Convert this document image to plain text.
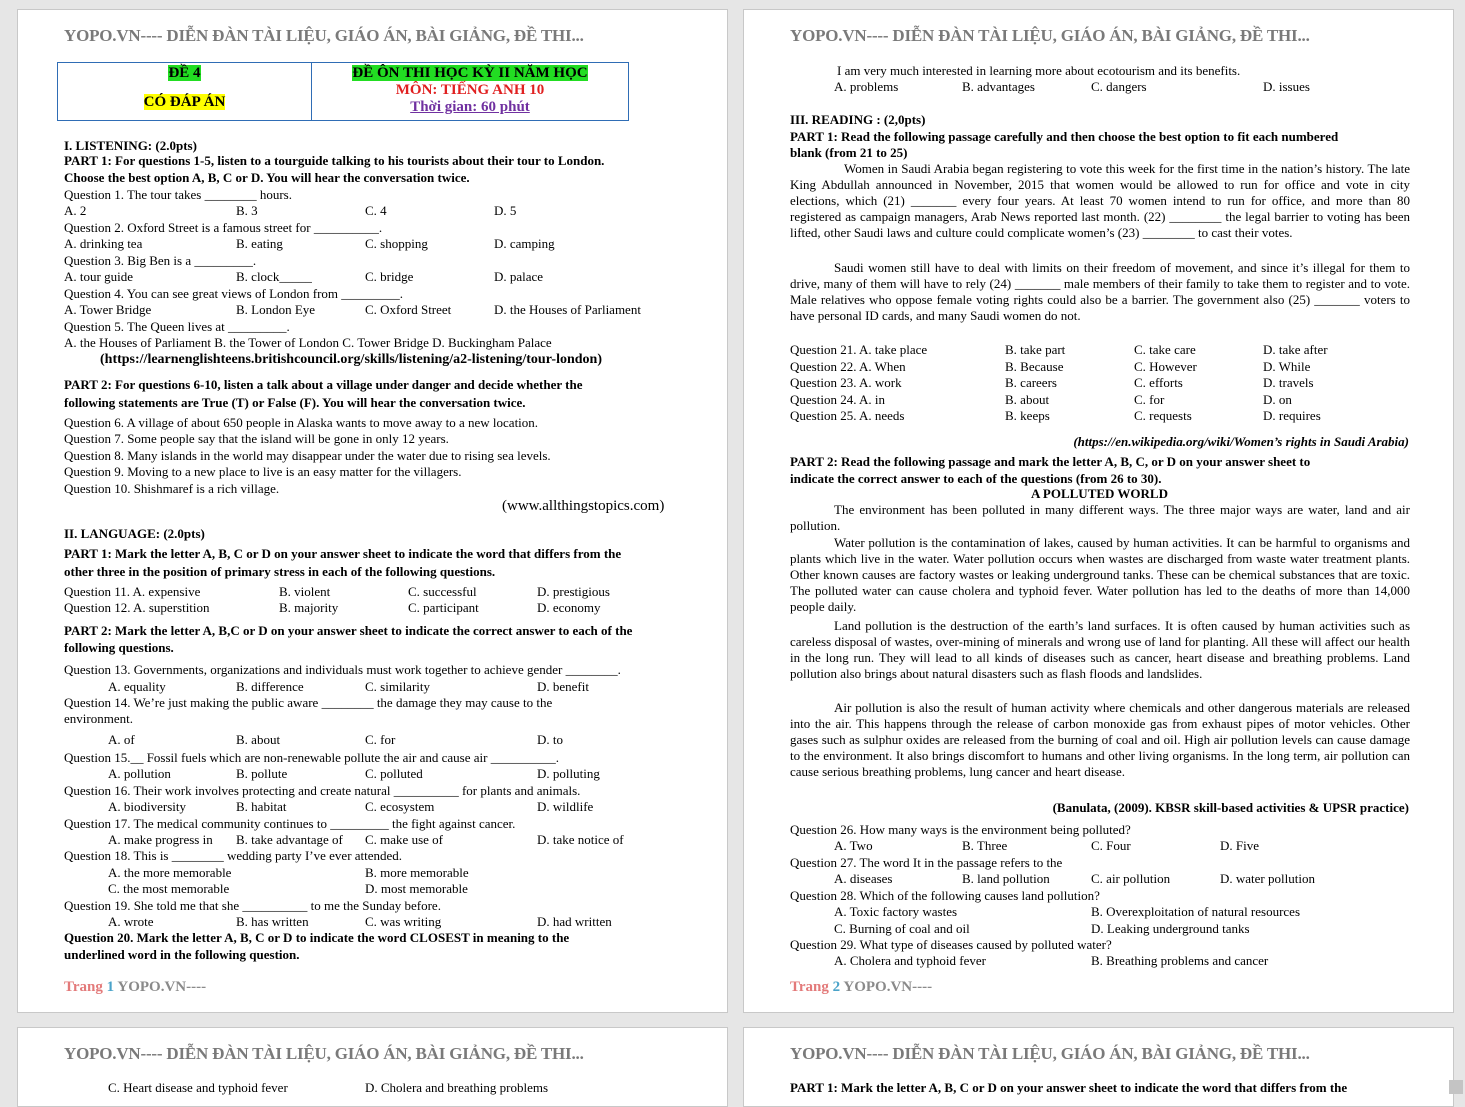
YOPO.VN---- DIỄN ĐÀN TÀI LIỆU, GIÁO ÁN, BÀI GIẢNG, ĐỀ THI...
ĐỀ 4
CÓ ĐÁP ÁN

ĐỀ ÔN THI HỌC KỲ II NĂM HỌC
MÔN: TIẾNG ANH 10
Thời gian: 60 phút
I. LISTENING: (2.0pts)
PART 1: For questions 1-5, listen to a tourguide talking to his tourists about their tour to London.
Choose the best option A, B, C or D. You will hear the conversation twice.
Question 1. The tour takes ________ hours.
A. 2	B. 3	C. 4	D. 5
Question 2. Oxford Street is a famous street for __________.
A. drinking tea	B. eating	C. shopping	D. camping
Question 3. Big Ben is a _________.
A. tour guide	B. clock_____	C. bridge	D. palace
Question 4. You can see great views of London from _________.
A. Tower Bridge	B. London Eye	C. Oxford Street	D. the Houses of Parliament
Question 5. The Queen lives at _________.
A. the Houses of Parliament B. the Tower of London C. Tower Bridge D. Buckingham Palace
(https://learnenglishteens.britishcouncil.org/skills/listening/a2-listening/tour-london)
PART 2: For questions 6-10, listen a talk about a village under danger and decide whether the
following statements are True (T) or False (F). You will hear the conversation twice.
Question 6. A village of about 650 people in Alaska wants to move away to a new location.
Question 7. Some people say that the island will be gone in only 12 years.
Question 8. Many islands in the world may disappear under the water due to rising sea levels.
Question 9. Moving to a new place to live is an easy matter for the villagers.
Question 10. Shishmaref is a rich village.
(www.allthingstopics.com)
II. LANGUAGE: (2.0pts)
PART 1: Mark the letter A, B, C or D on your answer sheet to indicate the word that differs from the
other three in the position of primary stress in each of the following questions.
Question 11. A. expensive	B. violent	C. successful	D. prestigious
Question 12. A. superstition	B. majority	C. participant	D. economy
PART 2: Mark the letter A, B,C or D on your answer sheet to indicate the correct answer to each of the
following questions.
Question 13. Governments, organizations and individuals must work together to achieve gender ________.
A. equality	B. difference	C. similarity	D. benefit
Question 14. We’re just making the public aware ________ the damage they may cause to the
environment.
A. of	B. about	C. for	D. to
Question 15.__ Fossil fuels which are non-renewable pollute the air and cause air __________.
A. pollution	B. pollute	C. polluted	D. polluting
Question 16. Their work involves protecting and create natural __________ for plants and animals.
A. biodiversity	B. habitat	C. ecosystem	D. wildlife
Question 17. The medical community continues to _________ the fight against cancer.
A. make progress in B. take advantage of C. make use of	D. take notice of
Question 18. This is ________ wedding party I’ve ever attended.
A. the more memorable	B. more memorable
C. the most memorable	D. most memorable
Question 19. She told me that she __________ to me the Sunday before.
A. wrote	B. has written	C. was writing	D. had written
Question 20. Mark the letter A, B, C or D to indicate the word CLOSEST in meaning to the
underlined word in the following question.
Trang 1 YOPO.VN----
YOPO.VN---- DIỄN ĐÀN TÀI LIỆU, GIÁO ÁN, BÀI GIẢNG, ĐỀ THI...
I am very much interested in learning more about ecotourism and its benefits.
A. problems	B. advantages	C. dangers	D. issues
III. READING : (2,0pts)
PART 1: Read the following passage carefully and then choose the best option to fit each numbered
blank (from 21 to 25)
Women in Saudi Arabia began registering to vote this week for the first time in the nation’s history. The late King Abdullah announced in November, 2015 that women would be allowed to run for office and vote in city elections, which (21) _______ every four years. At least 70 women intend to run for office, and more than 80 registered as campaign managers, Arab News reported last month. (22) ________ the legal barrier to voting has been lifted, other Saudi laws and culture could complicate women’s (23) ________ to cast their votes.
Saudi women still have to deal with limits on their freedom of movement, and since it’s illegal for them to drive, many of them will have to rely (24) _______ male members of their family to take them to register and to vote. Male relatives who oppose female voting rights could also be a barrier. The government also (25) _______ voters to have personal ID cards, and many Saudi women do not.
Question 21. A. take place	B. take part	C. take care	D. take after
Question 22. A. When	B. Because	C. However	D. While
Question 23. A. work	B. careers	C. efforts	D. travels
Question 24. A. in	B. about	C. for	D. on
Question 25. A. needs	B. keeps	C. requests	D. requires
(https://en.wikipedia.org/wiki/Women’s rights in Saudi Arabia)
PART 2: Read the following passage and mark the letter A, B, C, or D on your answer sheet to
indicate the correct answer to each of the questions (from 26 to 30).
A POLLUTED WORLD
The environment has been polluted in many different ways. The three major ways are water, land and air pollution.
Water pollution is the contamination of lakes, caused by human activities. It can be harmful to organisms and plants which live in the water. Water pollution occurs when wastes are discharged from waste water treatment plants. Other known causes are factory wastes or leaking underground tanks. These can be chemical substances that are toxic. The polluted water can cause cholera and typhoid fever. Water pollution has led to the deaths of more than 14,000 people daily.
Land pollution is the destruction of the earth’s land surfaces. It is often caused by human activities such as careless disposal of wastes, over-mining of minerals and wrong use of land for planting. All these will affect our health in the long run. They will lead to all kinds of diseases such as cancer, heart disease and breathing problems. Land pollution also brings about natural disasters such as flash floods and landslides.
Air pollution is also the result of human activity where chemicals and other dangerous materials are released into the air. This happens through the release of carbon monoxide gas from exhaust pipes of motor vehicles. Other gases such as sulphur oxides are released from the burning of coal and oil. High air pollution levels can cause damage to the environment. It also brings discomfort to humans and other living organisms. In the long term, air pollution can cause serious breathing problems, lung cancer and heart disease.
(Banulata, (2009). KBSR skill-based activities & UPSR practice)
Question 26. How many ways is the environment being polluted?
A. Two	B. Three	C. Four	D. Five
Question 27. The word It in the passage refers to the
A. diseases	B. land pollution	C. air pollution	D. water pollution
Question 28. Which of the following causes land pollution?
A. Toxic factory wastes	B. Overexploitation of natural resources
C. Burning of coal and oil	D. Leaking underground tanks
Question 29. What type of diseases caused by polluted water?
A. Cholera and typhoid fever	B. Breathing problems and cancer
Trang 2 YOPO.VN----
YOPO.VN---- DIỄN ĐÀN TÀI LIỆU, GIÁO ÁN, BÀI GIẢNG, ĐỀ THI...
C. Heart disease and typhoid fever	D. Cholera and breathing problems
YOPO.VN---- DIỄN ĐÀN TÀI LIỆU, GIÁO ÁN, BÀI GIẢNG, ĐỀ THI...
PART 1: Mark the letter A, B, C or D on your answer sheet to indicate the word that differs from the
